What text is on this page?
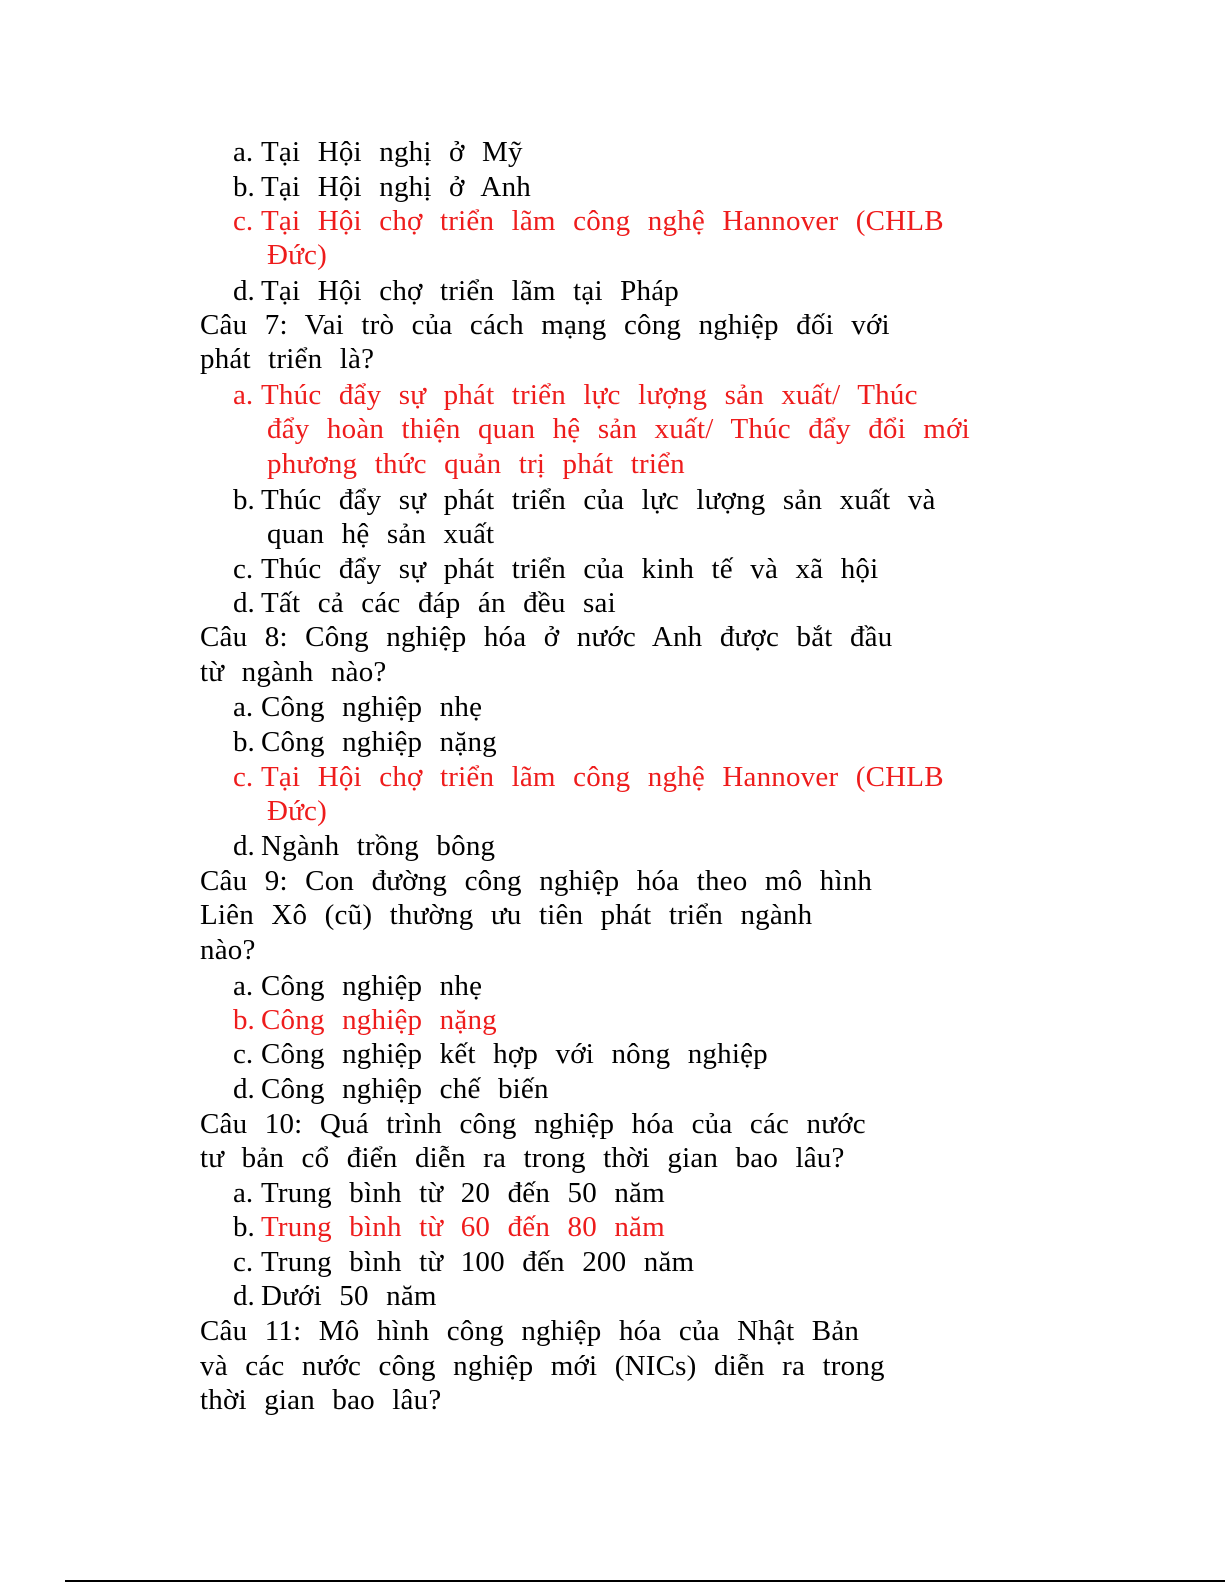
a. Tại Hội nghị ở Mỹ
b. Tại Hội nghị ở Anh
c. Tại Hội chợ triển lãm công nghệ Hannover (CHLB
Đức)
d. Tại Hội chợ triển lãm tại Pháp
Câu 7: Vai trò của cách mạng công nghiệp đối với
phát triển là?
a. Thúc đẩy sự phát triển lực lượng sản xuất/ Thúc
đẩy hoàn thiện quan hệ sản xuất/ Thúc đẩy đổi mới
phương thức quản trị phát triển
b. Thúc đẩy sự phát triển của lực lượng sản xuất và
quan hệ sản xuất
c. Thúc đẩy sự phát triển của kinh tế và xã hội
d. Tất cả các đáp án đều sai
Câu 8: Công nghiệp hóa ở nước Anh được bắt đầu
từ ngành nào?
a. Công nghiệp nhẹ
b. Công nghiệp nặng
c. Tại Hội chợ triển lãm công nghệ Hannover (CHLB
Đức)
d. Ngành trồng bông
Câu 9: Con đường công nghiệp hóa theo mô hình
Liên Xô (cũ) thường ưu tiên phát triển ngành
nào?
a. Công nghiệp nhẹ
b. Công nghiệp nặng
c. Công nghiệp kết hợp với nông nghiệp
d. Công nghiệp chế biến
Câu 10: Quá trình công nghiệp hóa của các nước
tư bản cổ điển diễn ra trong thời gian bao lâu?
a. Trung bình từ 20 đến 50 năm
b. Trung bình từ 60 đến 80 năm
c. Trung bình từ 100 đến 200 năm
d. Dưới 50 năm
Câu 11: Mô hình công nghiệp hóa của Nhật Bản
và các nước công nghiệp mới (NICs) diễn ra trong
thời gian bao lâu?
